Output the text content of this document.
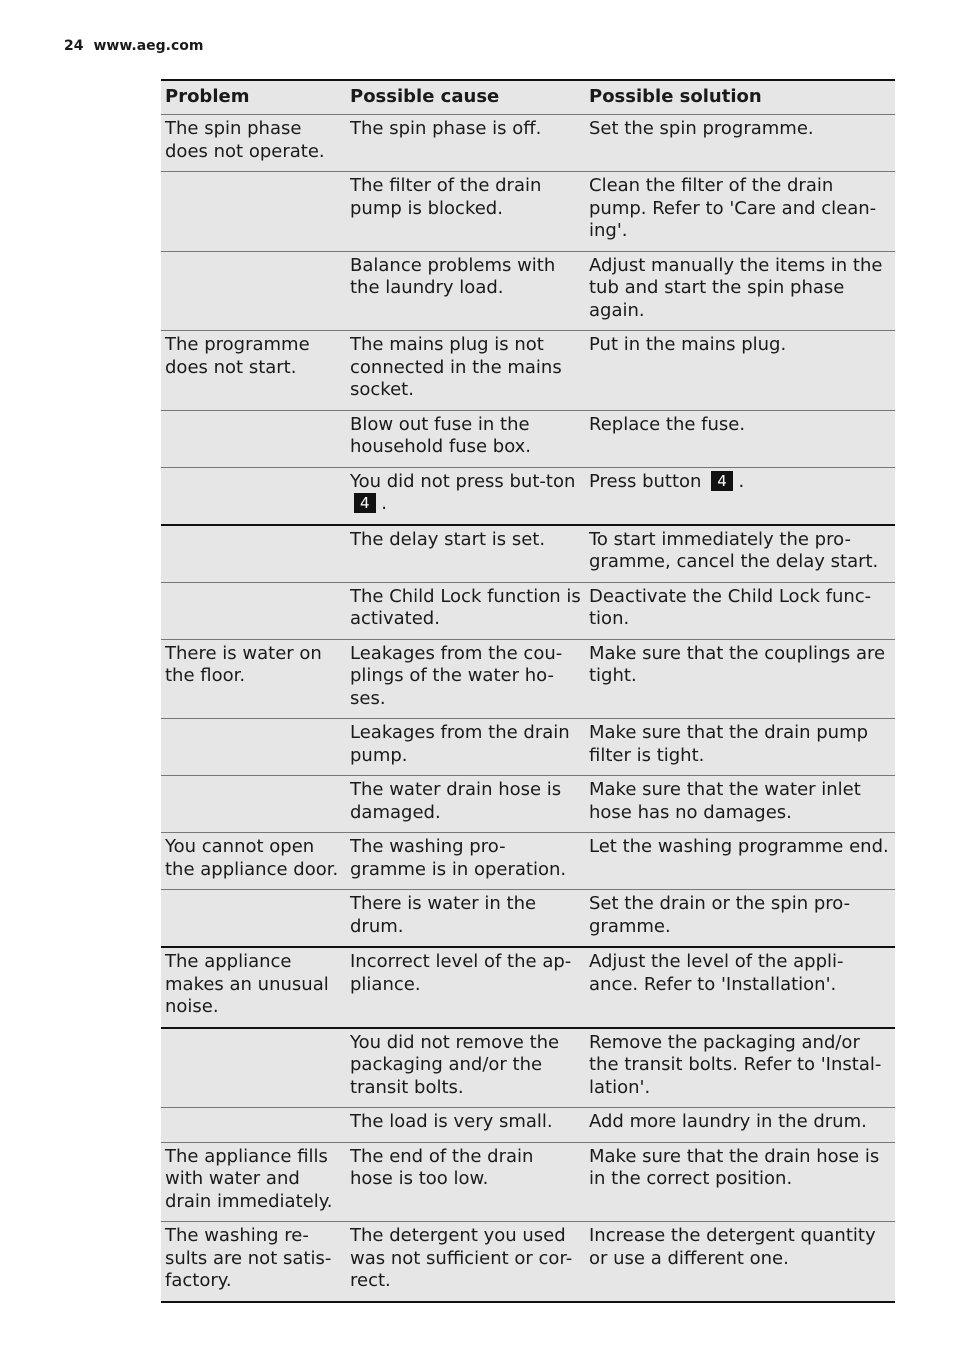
24 www.aeg.com
Problem	Possible cause	Possible solution
The spin phase does not operate.	The spin phase is off.	Set the spin programme.
	The filter of the drain pump is blocked.	Clean the filter of the drain pump. Refer to 'Care and clean-ing'.
	Balance problems with the laundry load.	Adjust manually the items in the tub and start the spin phase again.
The programme does not start.	The mains plug is not connected in the mains socket.	Put in the mains plug.
	Blow out fuse in the household fuse box.	Replace the fuse.
	You did not press but-ton 4 .	Press button 4 .
	The delay start is set.	To start immediately the pro-gramme, cancel the delay start.
	The Child Lock function is activated.	Deactivate the Child Lock func-tion.
There is water on the floor.	Leakages from the cou-plings of the water ho-ses.	Make sure that the couplings are tight.
	Leakages from the drain pump.	Make sure that the drain pump filter is tight.
	The water drain hose is damaged.	Make sure that the water inlet hose has no damages.
You cannot open the appliance door.	The washing pro-gramme is in operation.	Let the washing programme end.
	There is water in the drum.	Set the drain or the spin pro-gramme.
The appliance makes an unusual noise.	Incorrect level of the ap-pliance.	Adjust the level of the appli-ance. Refer to 'Installation'.
	You did not remove the packaging and/or the transit bolts.	Remove the packaging and/or the transit bolts. Refer to 'Instal-lation'.
	The load is very small.	Add more laundry in the drum.
The appliance fills with water and drain immediately.	The end of the drain hose is too low.	Make sure that the drain hose is in the correct position.
The washing re-sults are not satis-factory.	The detergent you used was not sufficient or cor-rect.	Increase the detergent quantity or use a different one.
